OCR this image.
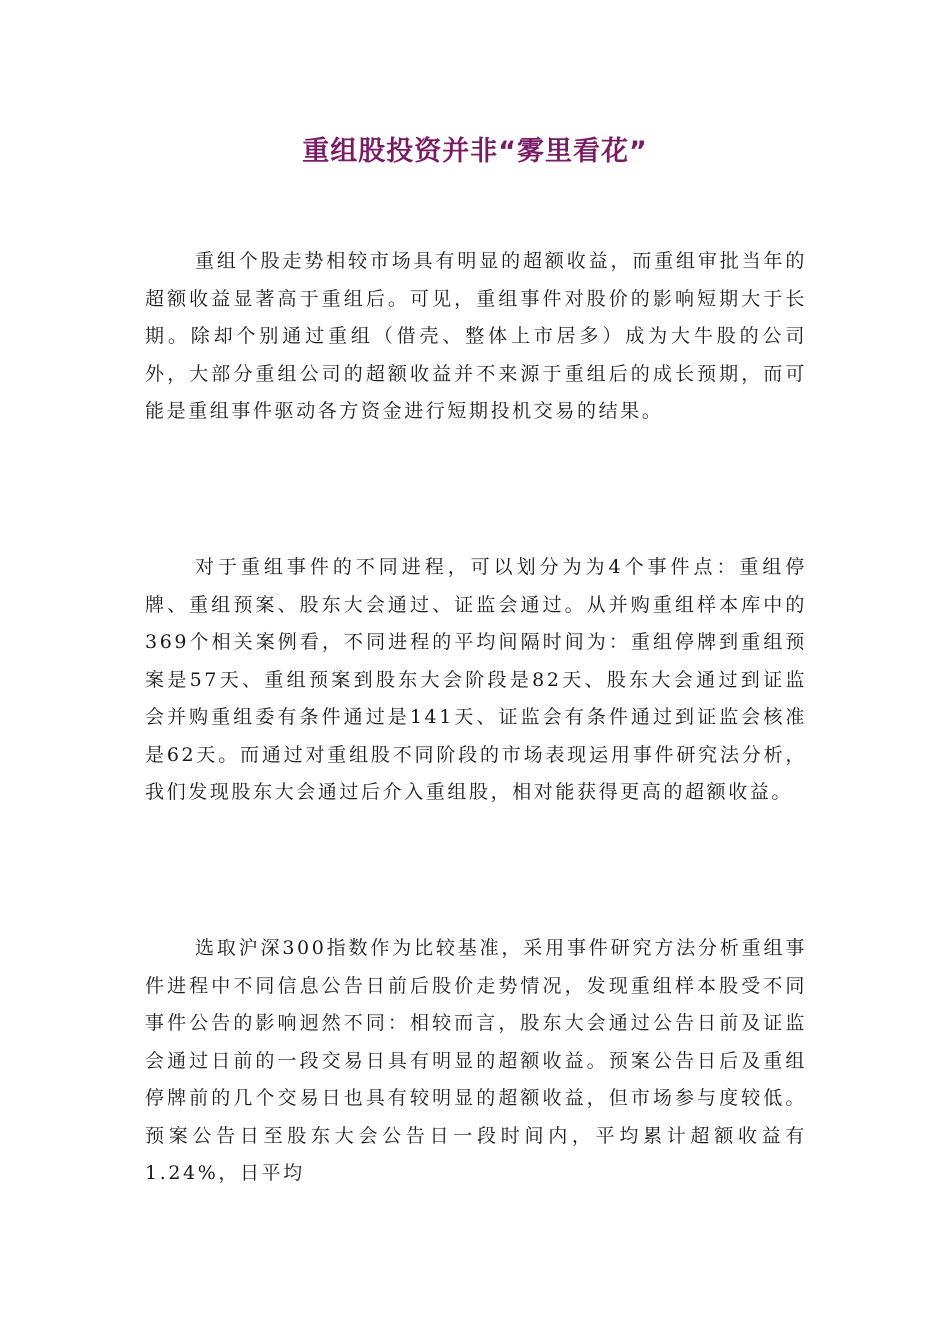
重组股投资并非“雾里看花”

重组个股走势相较市场具有明显的超额收益，而重组审批当年的超额收益显著高于重组后。可见，重组事件对股价的影响短期大于长期。除却个别通过重组（借壳、整体上市居多）成为大牛股的公司外，大部分重组公司的超额收益并不来源于重组后的成长预期，而可能是重组事件驱动各方资金进行短期投机交易的结果。

对于重组事件的不同进程，可以划分为为4个事件点：重组停牌、重组预案、股东大会通过、证监会通过。从并购重组样本库中的369个相关案例看，不同进程的平均间隔时间为：重组停牌到重组预案是57天、重组预案到股东大会阶段是82天、股东大会通过到证监会并购重组委有条件通过是141天、证监会有条件通过到证监会核准是62天。而通过对重组股不同阶段的市场表现运用事件研究法分析，我们发现股东大会通过后介入重组股，相对能获得更高的超额收益。

选取沪深300指数作为比较基准，采用事件研究方法分析重组事件进程中不同信息公告日前后股价走势情况，发现重组样本股受不同事件公告的影响迥然不同：相较而言，股东大会通过公告日前及证监会通过日前的一段交易日具有明显的超额收益。预案公告日后及重组停牌前的几个交易日也具有较明显的超额收益，但市场参与度较低。预案公告日至股东大会公告日一段时间内，平均累计超额收益有1.24%，日平均
